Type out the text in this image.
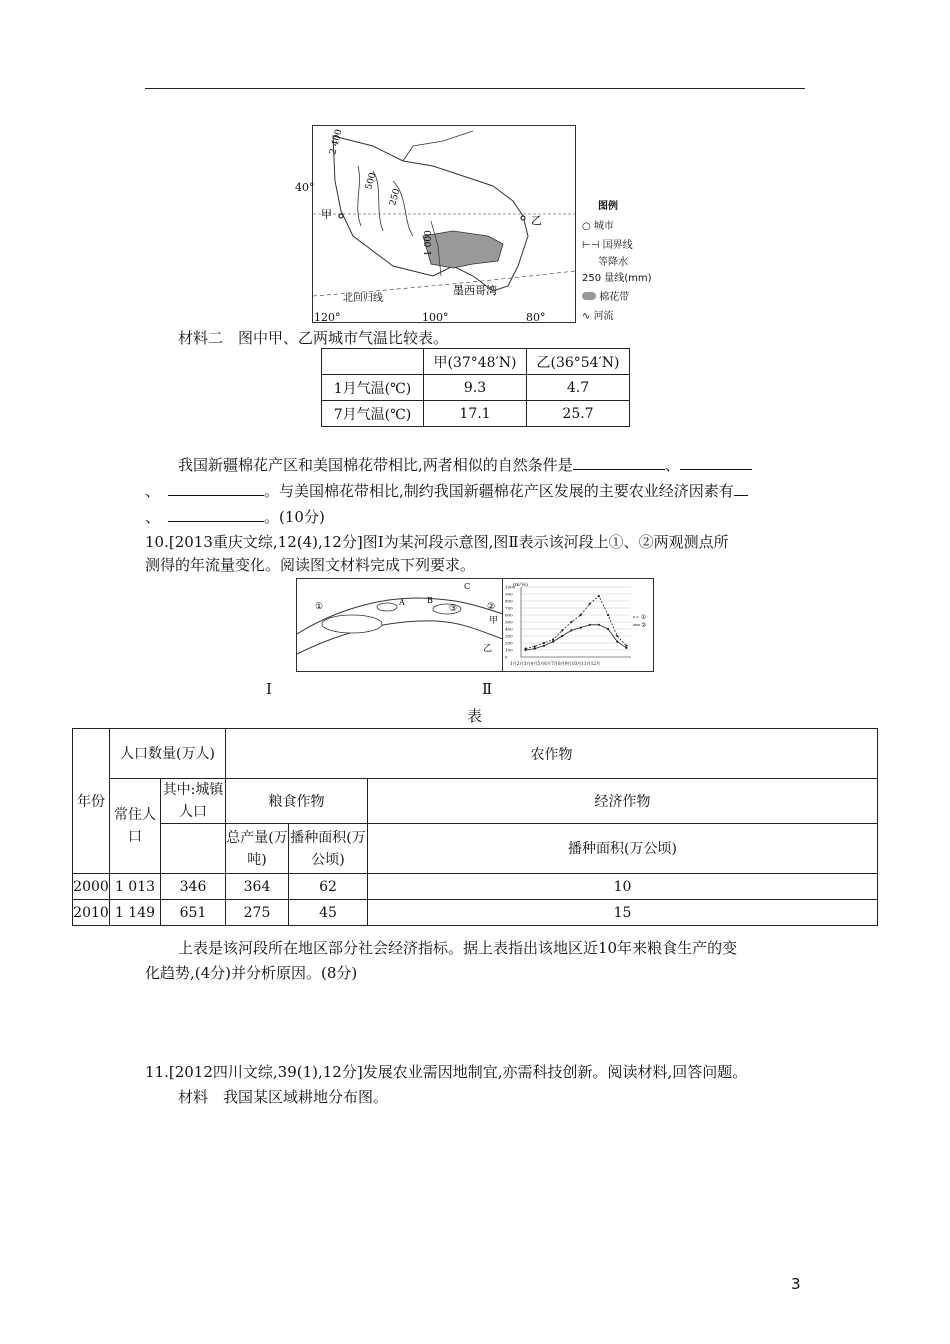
2 400
500
250
1 000
甲	乙
墨西哥湾
北回归线
40°
120°	100°	80°
图例
○ 城市
⊢⊣ 国界线
等降水
250 量线(mm)
棉花带
∿ 河流
材料二　图中甲、乙两城市气温比较表。
	甲(37°48′N)	乙(36°54′N)
1月气温(℃)	9.3	4.7
7月气温(℃)	17.1	25.7
我国新疆棉花产区和美国棉花带相比,两者相似的自然条件是	、
、	。与美国棉花带相比,制约我国新疆棉花产区发展的主要农业经济因素有
、	。(10分)
10.[2013重庆文综,12(4),12分]图Ⅰ为某河段示意图,图Ⅱ表示该河段上①、②两观测点所
测得的年流量变化。阅读图文材料完成下列要求。
①	②
③
A	B
C
甲
乙
(m³/s)
1月2月3月4月5月6月7月8月9月10月11月12月
①
②
1000
900
800
700
600
500
400
300
200
100
0
Ⅰ	Ⅱ
表
年份	人口数量(万人)		农作物		
	常住人口	其中:城镇人口	粮食作物		经济作物
			总产量(万吨)	播种面积(万公顷)	播种面积(万公顷)
2000	1 013	346	364	62	10
2010	1 149	651	275	45	15
上表是该河段所在地区部分社会经济指标。据上表指出该地区近10年来粮食生产的变
化趋势,(4分)并分析原因。(8分)
11.[2012四川文综,39(1),12分]发展农业需因地制宜,亦需科技创新。阅读材料,回答问题。
材料　我国某区域耕地分布图。
3
